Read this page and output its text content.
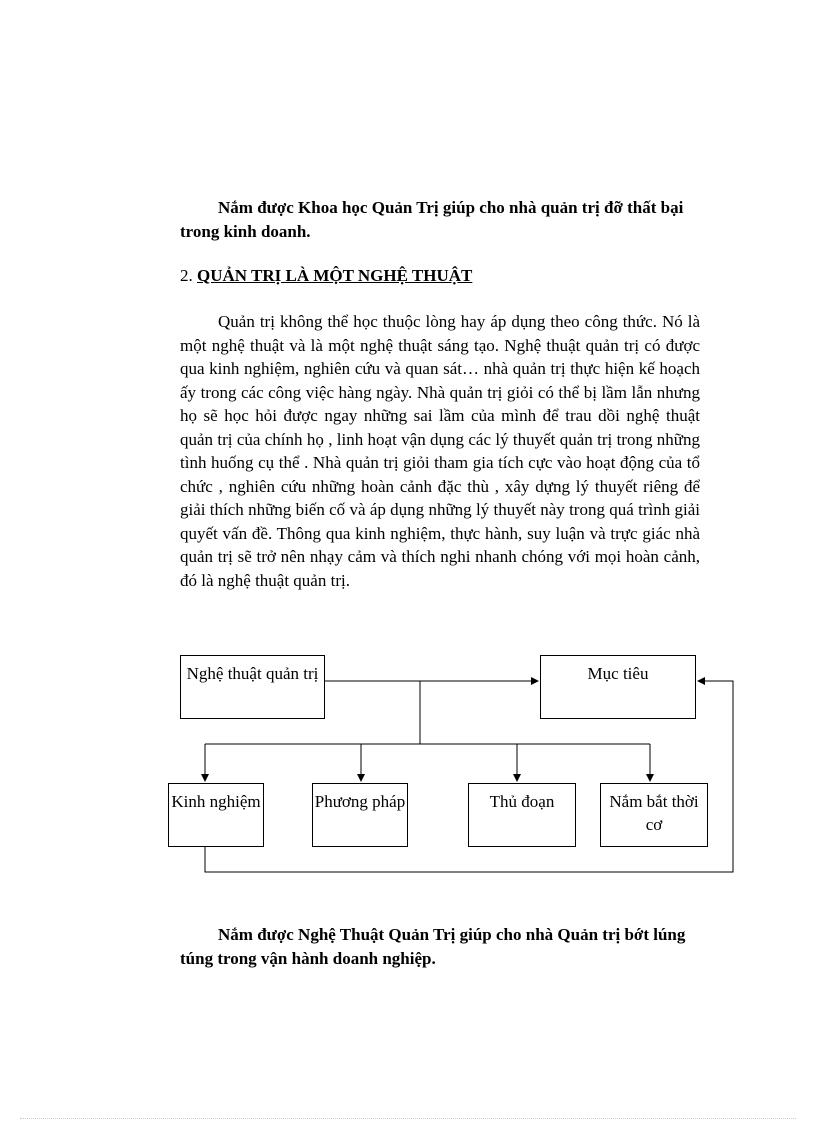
Nắm được Khoa học Quản Trị giúp cho nhà quản trị đỡ thất bại trong kinh doanh.

2. QUẢN TRỊ LÀ MỘT NGHỆ THUẬT

Quản trị không thể học thuộc lòng hay áp dụng theo công thức. Nó là một nghệ thuật và là một nghệ thuật sáng tạo. Nghệ thuật quản trị có được qua kinh nghiệm, nghiên cứu và quan sát… nhà quản trị thực hiện kế hoạch ấy trong các công việc hàng ngày. Nhà quản trị giỏi có thể bị lầm lẫn nhưng họ sẽ học hỏi được ngay những sai lầm của mình để trau dồi nghệ thuật quản trị của chính họ , linh hoạt vận dụng các lý thuyết quản trị trong những tình huống cụ thể . Nhà quản trị giỏi tham gia tích cực vào hoạt động của tổ chức , nghiên cứu những hoàn cảnh đặc thù , xây dựng lý thuyết riêng để giải thích những biến cố và áp dụng những lý thuyết này trong quá trình giải quyết vấn đề. Thông qua kinh nghiệm, thực hành, suy luận và trực giác nhà quản trị sẽ trở nên nhạy cảm và thích nghi nhanh chóng với mọi hoàn cảnh, đó là nghệ thuật quản trị.

Nghệ thuật quản trị	Mục tiêu
Kinh nghiệm	Phương pháp	Thủ đoạn	Nắm bắt thời cơ

Nắm được Nghệ Thuật Quản Trị giúp cho nhà Quản trị bớt lúng túng trong vận hành doanh nghiệp.
